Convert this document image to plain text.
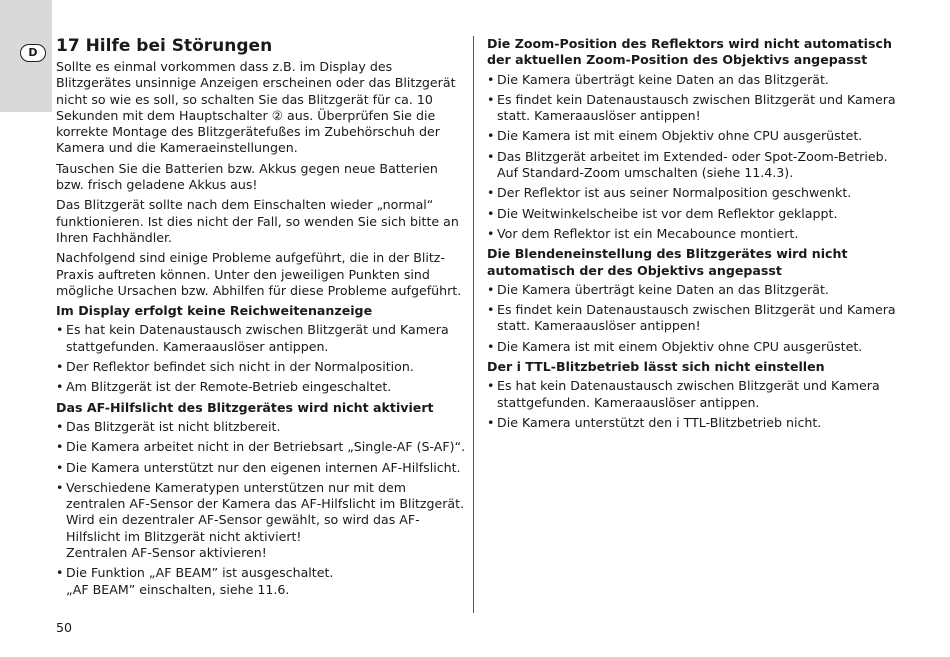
D	17 Hilfe bei Störungen

Sollte es einmal vorkommen dass z.B. im Display des Blitzgerätes unsinnige Anzeigen erscheinen oder das Blitzgerät nicht so wie es soll, so schalten Sie das Blitzgerät für ca. 10 Sekunden mit dem Hauptschalter ② aus. Überprüfen Sie die korrekte Montage des Blitzgerätefußes im Zubehörschuh der Kamera und die Kameraeinstellungen.

Tauschen Sie die Batterien bzw. Akkus gegen neue Batterien bzw. frisch geladene Akkus aus!

Das Blitzgerät sollte nach dem Einschalten wieder „normal“ funktionieren. Ist dies nicht der Fall, so wenden Sie sich bitte an Ihren Fachhändler.

Nachfolgend sind einige Probleme aufgeführt, die in der Blitz-Praxis auftreten können. Unter den jeweiligen Punkten sind mögliche Ursachen bzw. Abhilfen für diese Probleme aufgeführt.

Im Display erfolgt keine Reichweitenanzeige
• Es hat kein Datenaustausch zwischen Blitzgerät und Kamera stattgefunden. Kameraauslöser antippen.
• Der Reflektor befindet sich nicht in der Normalposition.
• Am Blitzgerät ist der Remote-Betrieb eingeschaltet.
Das AF-Hilfslicht des Blitzgerätes wird nicht aktiviert
• Das Blitzgerät ist nicht blitzbereit.
• Die Kamera arbeitet nicht in der Betriebsart „Single-AF (S-AF)“.
• Die Kamera unterstützt nur den eigenen internen AF-Hilfslicht.
• Verschiedene Kameratypen unterstützen nur mit dem zentralen AF-Sensor der Kamera das AF-Hilfslicht im Blitzgerät.
Wird ein dezentraler AF-Sensor gewählt, so wird das AF-Hilfslicht im Blitzgerät nicht aktiviert!
Zentralen AF-Sensor aktivieren!
• Die Funktion „AF BEAM” ist ausgeschaltet.
„AF BEAM” einschalten, siehe 11.6.
Die Zoom-Position des Reflektors wird nicht automatisch der aktuellen Zoom-Position des Objektivs angepasst
• Die Kamera überträgt keine Daten an das Blitzgerät.
• Es findet kein Datenaustausch zwischen Blitzgerät und Kamera statt. Kameraauslöser antippen!
• Die Kamera ist mit einem Objektiv ohne CPU ausgerüstet.
• Das Blitzgerät arbeitet im Extended- oder Spot-Zoom-Betrieb.
Auf Standard-Zoom umschalten (siehe 11.4.3).
• Der Reflektor ist aus seiner Normalposition geschwenkt.
• Die Weitwinkelscheibe ist vor dem Reflektor geklappt.
• Vor dem Reflektor ist ein Mecabounce montiert.
Die Blendeneinstellung des Blitzgerätes wird nicht automatisch der des Objektivs angepasst
• Die Kamera überträgt keine Daten an das Blitzgerät.
• Es findet kein Datenaustausch zwischen Blitzgerät und Kamera statt. Kameraauslöser antippen!
• Die Kamera ist mit einem Objektiv ohne CPU ausgerüstet.
Der i TTL-Blitzbetrieb lässt sich nicht einstellen
• Es hat kein Datenaustausch zwischen Blitzgerät und Kamera stattgefunden. Kameraauslöser antippen.
• Die Kamera unterstützt den i TTL-Blitzbetrieb nicht.
50
